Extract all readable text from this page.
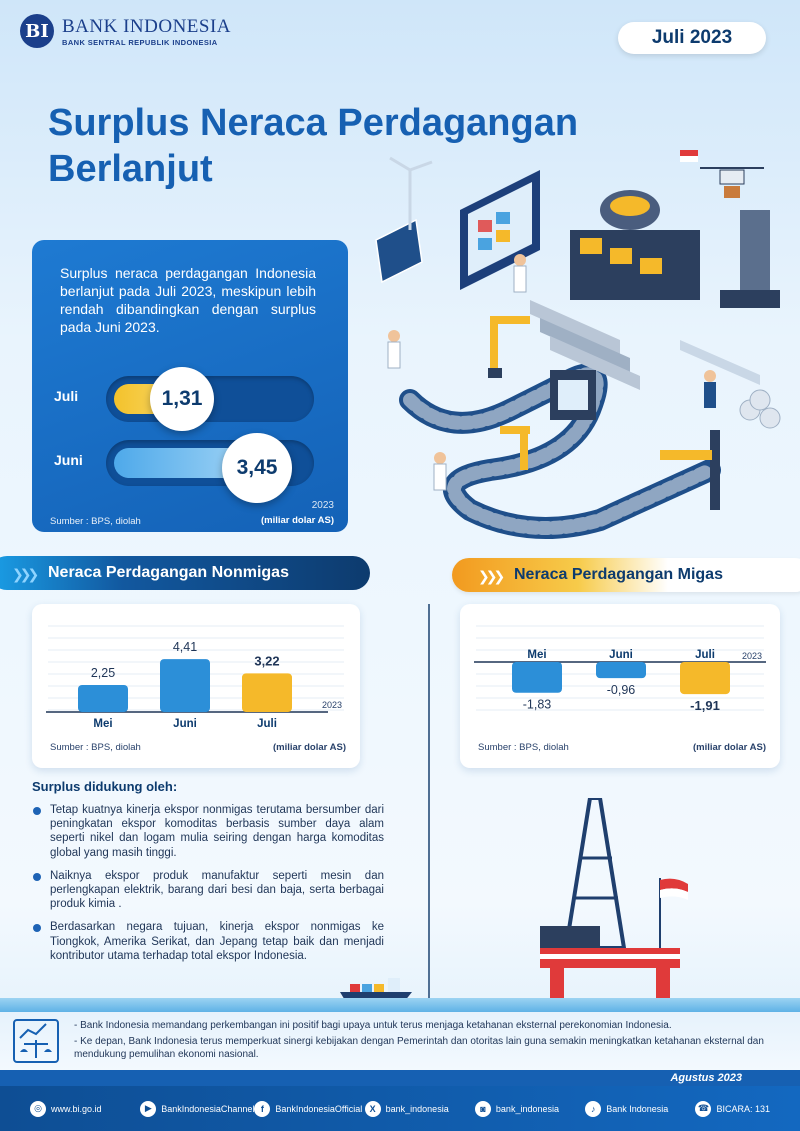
BI BANK INDONESIA
BANK SENTRAL REPUBLIK INDONESIA	Juli 2023
Surplus Neraca Perdagangan
Berlanjut
Surplus neraca perdagangan Indonesia berlanjut pada Juli 2023, meskipun lebih rendah dibandingkan dengan surplus pada Juni 2023.
Juli	1,31
Juni	3,45
2023
Sumber : BPS, diolah	(miliar dolar AS)
❯❯❯ Neraca Perdagangan Nonmigas	❯❯❯ Neraca Perdagangan Migas
2023
Mei
2,25
Juni
4,41
Juli
3,22
Sumber : BPS, diolah	(miliar dolar AS)
2023
Mei
-1,83
Juni
-0,96
Juli
-1,91
Sumber : BPS, diolah	(miliar dolar AS)
Surplus didukung oleh:
Tetap kuatnya kinerja ekspor nonmigas terutama bersumber dari peningkatan ekspor komoditas berbasis sumber daya alam seperti nikel dan logam mulia seiring dengan harga komoditas global yang masih tinggi.
Naiknya ekspor produk manufaktur seperti mesin dan perlengkapan elektrik, barang dari besi dan baja, serta berbagai produk kimia .
Berdasarkan negara tujuan, kinerja ekspor nonmigas ke Tiongkok, Amerika Serikat, dan Jepang tetap baik dan menjadi kontributor utama terhadap total ekspor Indonesia.
- Bank Indonesia memandang perkembangan ini positif bagi upaya untuk terus menjaga ketahanan eksternal perekonomian Indonesia.
- Ke depan, Bank Indonesia terus memperkuat sinergi kebijakan dengan Pemerintah dan otoritas lain guna semakin meningkatkan ketahanan eksternal dan mendukung pemulihan ekonomi nasional.
Agustus 2023
◎	www.bi.go.id	▶	BankIndonesiaChannel f	BankIndonesiaOfficial X	bank_indonesia	◙	bank_indonesia	♪	Bank Indonesia	☎ BICARA: 131
